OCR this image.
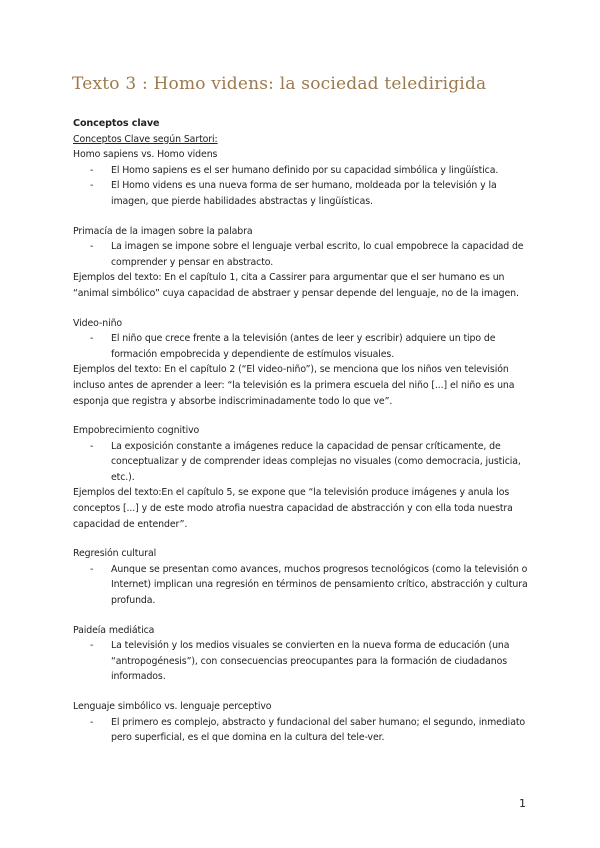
Texto 3 : Homo videns: la sociedad teledirigida
Conceptos clave
Conceptos Clave según Sartori:
Homo sapiens vs. Homo videns
- El Homo sapiens es el ser humano definido por su capacidad simbólica y lingüística.
- El Homo videns es una nueva forma de ser humano, moldeada por la televisión y la imagen, que pierde habilidades abstractas y lingüísticas.
Primacía de la imagen sobre la palabra
- La imagen se impone sobre el lenguaje verbal escrito, lo cual empobrece la capacidad de comprender y pensar en abstracto.
Ejemplos del texto: En el capítulo 1, cita a Cassirer para argumentar que el ser humano es un “animal simbólico” cuya capacidad de abstraer y pensar depende del lenguaje, no de la imagen.
Video-niño
- El niño que crece frente a la televisión (antes de leer y escribir) adquiere un tipo de formación empobrecida y dependiente de estímulos visuales.
Ejemplos del texto: En el capítulo 2 (“El video-niño”), se menciona que los niños ven televisión incluso antes de aprender a leer: “la televisión es la primera escuela del niño [...] el niño es una esponja que registra y absorbe indiscriminadamente todo lo que ve”.
Empobrecimiento cognitivo
- La exposición constante a imágenes reduce la capacidad de pensar críticamente, de conceptualizar y de comprender ideas complejas no visuales (como democracia, justicia, etc.).
Ejemplos del texto:En el capítulo 5, se expone que “la televisión produce imágenes y anula los conceptos [...] y de este modo atrofia nuestra capacidad de abstracción y con ella toda nuestra capacidad de entender”.
Regresión cultural
- Aunque se presentan como avances, muchos progresos tecnológicos (como la televisión o Internet) implican una regresión en términos de pensamiento crítico, abstracción y cultura profunda.
Paideía mediática
- La televisión y los medios visuales se convierten en la nueva forma de educación (una “antropogénesis”), con consecuencias preocupantes para la formación de ciudadanos informados.
Lenguaje simbólico vs. lenguaje perceptivo
- El primero es complejo, abstracto y fundacional del saber humano; el segundo, inmediato pero superficial, es el que domina en la cultura del tele-ver.
1
